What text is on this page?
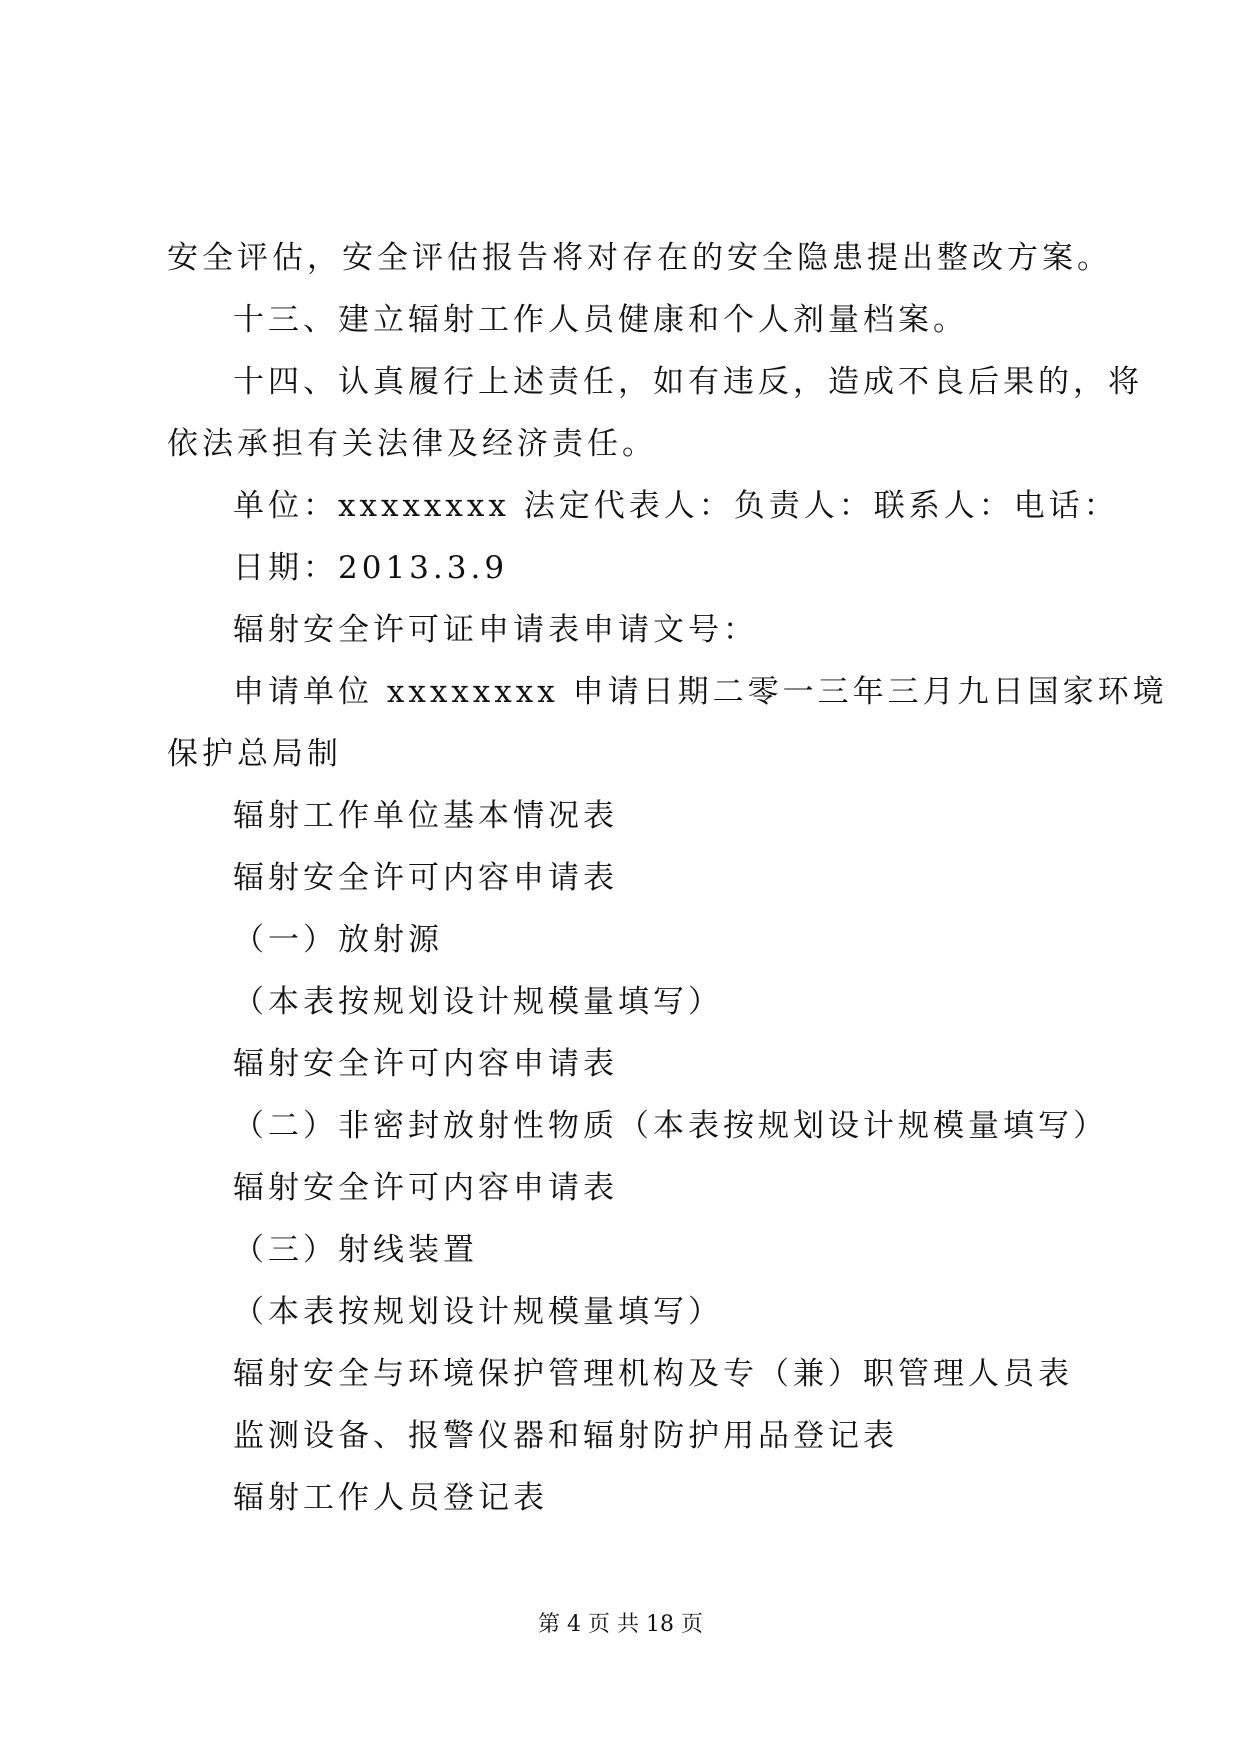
安全评估，安全评估报告将对存在的安全隐患提出整改方案。

十三、建立辐射工作人员健康和个人剂量档案。

十四、认真履行上述责任，如有违反，造成不良后果的，将

依法承担有关法律及经济责任。

单位：xxxxxxxx 法定代表人：负责人：联系人：电话：

日期：2013.3.9

辐射安全许可证申请表申请文号：

申请单位 xxxxxxxx 申请日期二零一三年三月九日国家环境

保护总局制

辐射工作单位基本情况表

辐射安全许可内容申请表

（一）放射源

（本表按规划设计规模量填写）

辐射安全许可内容申请表

（二）非密封放射性物质（本表按规划设计规模量填写）

辐射安全许可内容申请表

（三）射线装置

（本表按规划设计规模量填写）

辐射安全与环境保护管理机构及专（兼）职管理人员表

监测设备、报警仪器和辐射防护用品登记表

辐射工作人员登记表

第 4 页 共 18 页
